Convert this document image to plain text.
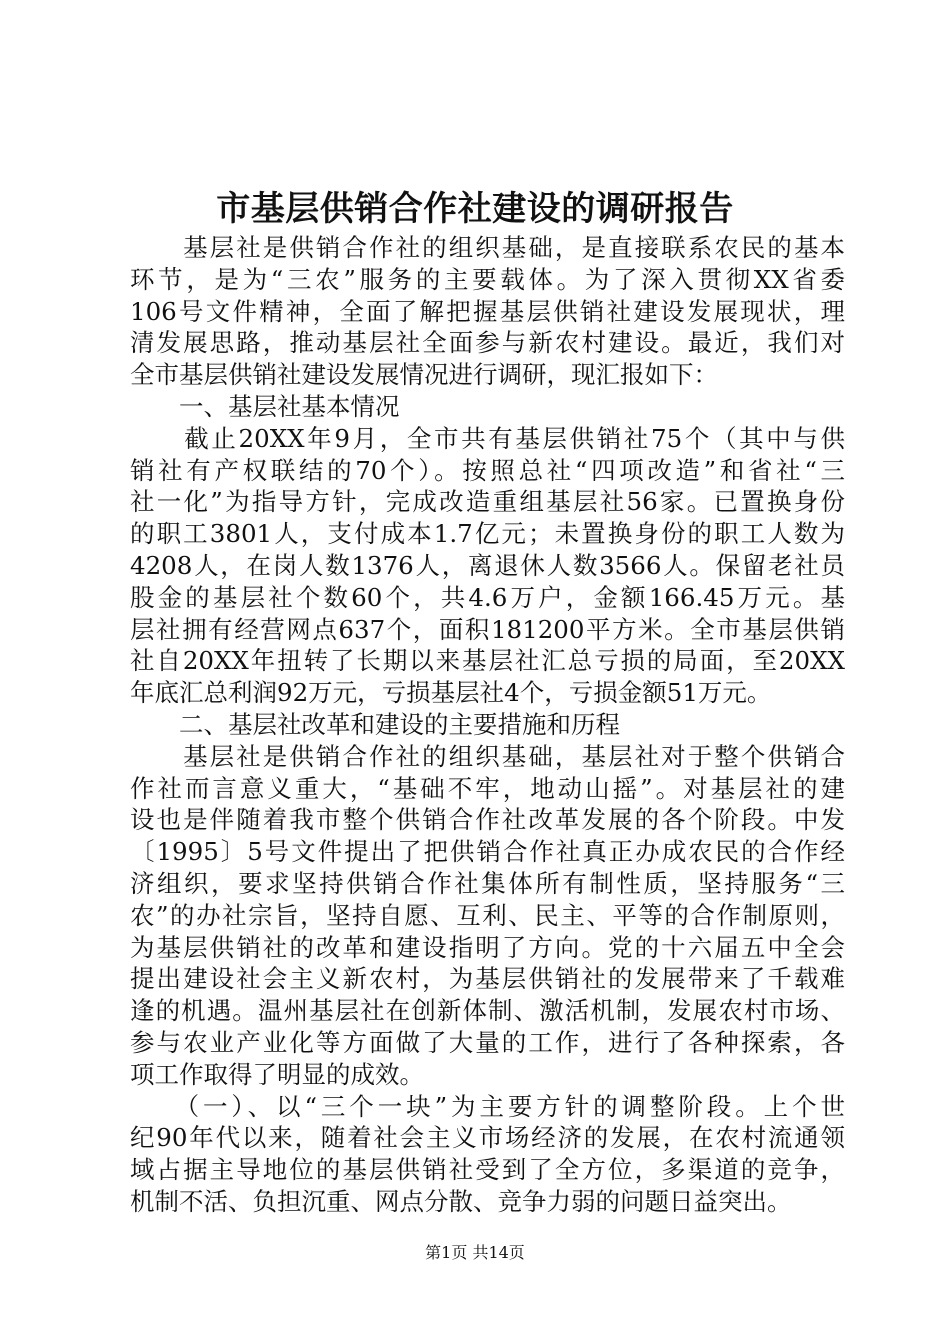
市基层供销合作社建设的调研报告
　　基层社是供销合作社的组织基础，是直接联系农民的基本
环节，是为“三农”服务的主要载体。为了深入贯彻XX省委
106号文件精神，全面了解把握基层供销社建设发展现状，理
清发展思路，推动基层社全面参与新农村建设。最近，我们对
全市基层供销社建设发展情况进行调研，现汇报如下：
　　一、基层社基本情况
　　截止20XX年9月，全市共有基层供销社75个（其中与供
销社有产权联结的70个）。按照总社“四项改造”和省社“三
社一化”为指导方针，完成改造重组基层社56家。已置换身份
的职工3801人，支付成本1.7亿元；未置换身份的职工人数为
4208人，在岗人数1376人，离退休人数3566人。保留老社员
股金的基层社个数60个，共4.6万户，金额166.45万元。基
层社拥有经营网点637个，面积181200平方米。全市基层供销
社自20XX年扭转了长期以来基层社汇总亏损的局面，至20XX
年底汇总利润92万元，亏损基层社4个，亏损金额51万元。
　　二、基层社改革和建设的主要措施和历程
　　基层社是供销合作社的组织基础，基层社对于整个供销合
作社而言意义重大，“基础不牢，地动山摇”。对基层社的建
设也是伴随着我市整个供销合作社改革发展的各个阶段。中发
〔1995〕5号文件提出了把供销合作社真正办成农民的合作经
济组织，要求坚持供销合作社集体所有制性质，坚持服务“三
农”的办社宗旨，坚持自愿、互利、民主、平等的合作制原则，
为基层供销社的改革和建设指明了方向。党的十六届五中全会
提出建设社会主义新农村，为基层供销社的发展带来了千载难
逢的机遇。温州基层社在创新体制、激活机制，发展农村市场、
参与农业产业化等方面做了大量的工作，进行了各种探索，各
项工作取得了明显的成效。
　　（一）、以“三个一块”为主要方针的调整阶段。上个世
纪90年代以来，随着社会主义市场经济的发展，在农村流通领
域占据主导地位的基层供销社受到了全方位，多渠道的竞争，
机制不活、负担沉重、网点分散、竞争力弱的问题日益突出。
第1页 共14页
